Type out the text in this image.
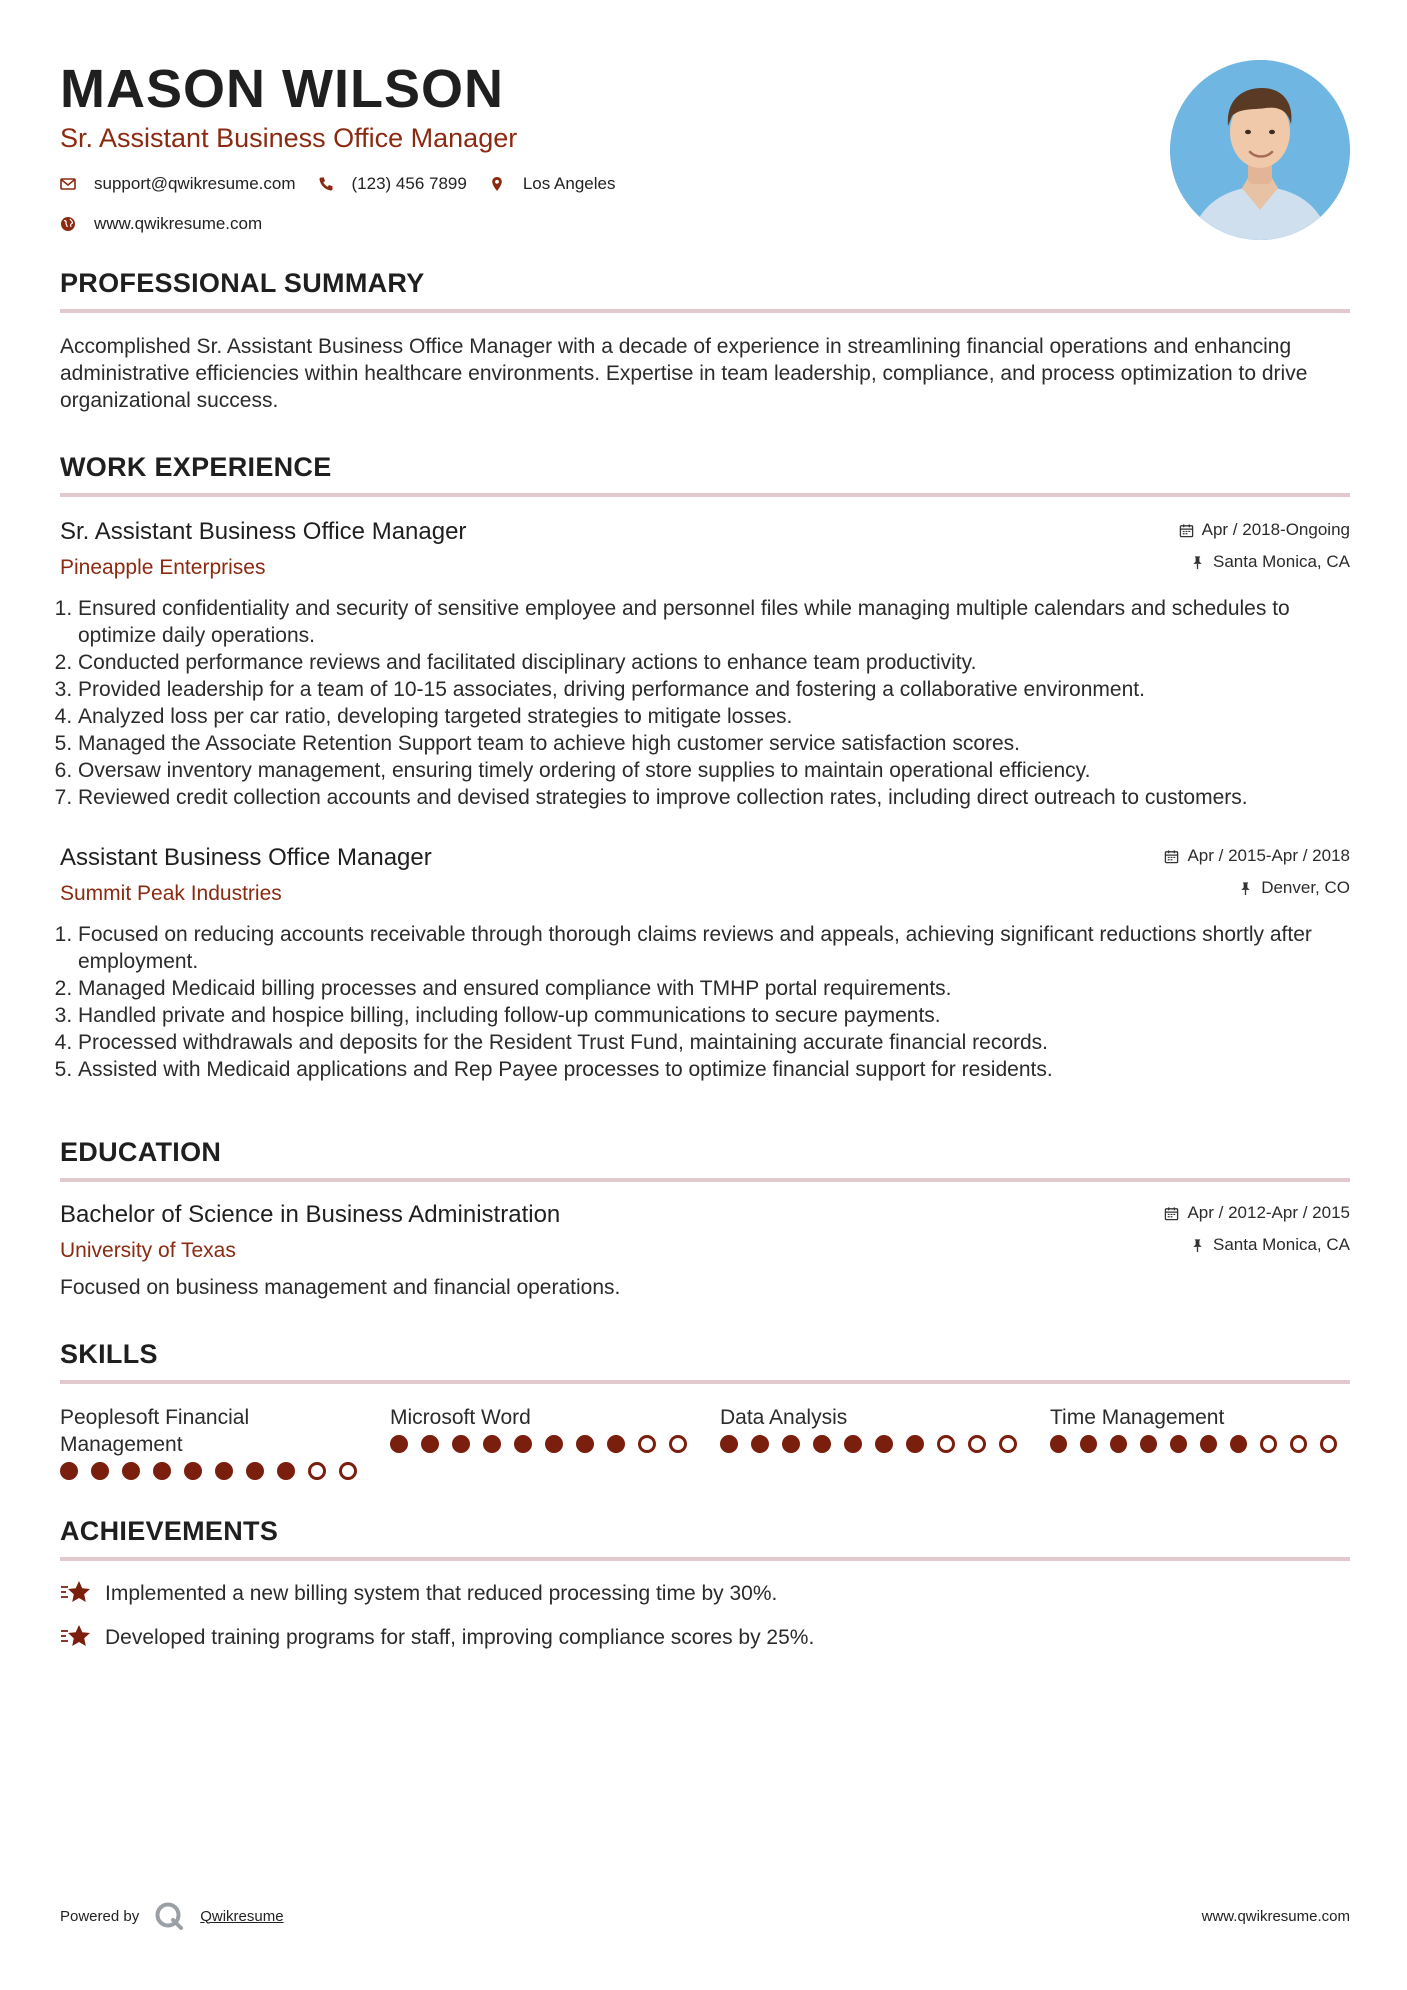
MASON WILSON
Sr. Assistant Business Office Manager
support@qwikresume.com	(123) 456 7899	Los Angeles
www.qwikresume.com
PROFESSIONAL SUMMARY

Accomplished Sr. Assistant Business Office Manager with a decade of experience in streamlining financial operations and enhancing administrative efficiencies within healthcare environments. Expertise in team leadership, compliance, and process optimization to drive organizational success.

WORK EXPERIENCE
Sr. Assistant Business Office Manager
Pineapple Enterprises
Apr / 2018-Ongoing
Santa Monica, CA
1. Ensured confidentiality and security of sensitive employee and personnel files while managing multiple calendars and schedules to optimize daily operations.
2. Conducted performance reviews and facilitated disciplinary actions to enhance team productivity.
3. Provided leadership for a team of 10-15 associates, driving performance and fostering a collaborative environment.
4. Analyzed loss per car ratio, developing targeted strategies to mitigate losses.
5. Managed the Associate Retention Support team to achieve high customer service satisfaction scores.
6. Oversaw inventory management, ensuring timely ordering of store supplies to maintain operational efficiency.
7. Reviewed credit collection accounts and devised strategies to improve collection rates, including direct outreach to customers.
Assistant Business Office Manager
Summit Peak Industries
Apr / 2015-Apr / 2018
Denver, CO
1. Focused on reducing accounts receivable through thorough claims reviews and appeals, achieving significant reductions shortly after employment.
2. Managed Medicaid billing processes and ensured compliance with TMHP portal requirements.
3. Handled private and hospice billing, including follow-up communications to secure payments.
4. Processed withdrawals and deposits for the Resident Trust Fund, maintaining accurate financial records.
5. Assisted with Medicaid applications and Rep Payee processes to optimize financial support for residents.
EDUCATION
Bachelor of Science in Business Administration
University of Texas
Apr / 2012-Apr / 2015
Santa Monica, CA

Focused on business management and financial operations.

SKILLS
Peoplesoft Financial Management
Microsoft Word	Data Analysis	Time Management
ACHIEVEMENTS
Implemented a new billing system that reduced processing time by 30%.
Developed training programs for staff, improving compliance scores by 25%.
Powered by	Qwikresume	www.qwikresume.com
